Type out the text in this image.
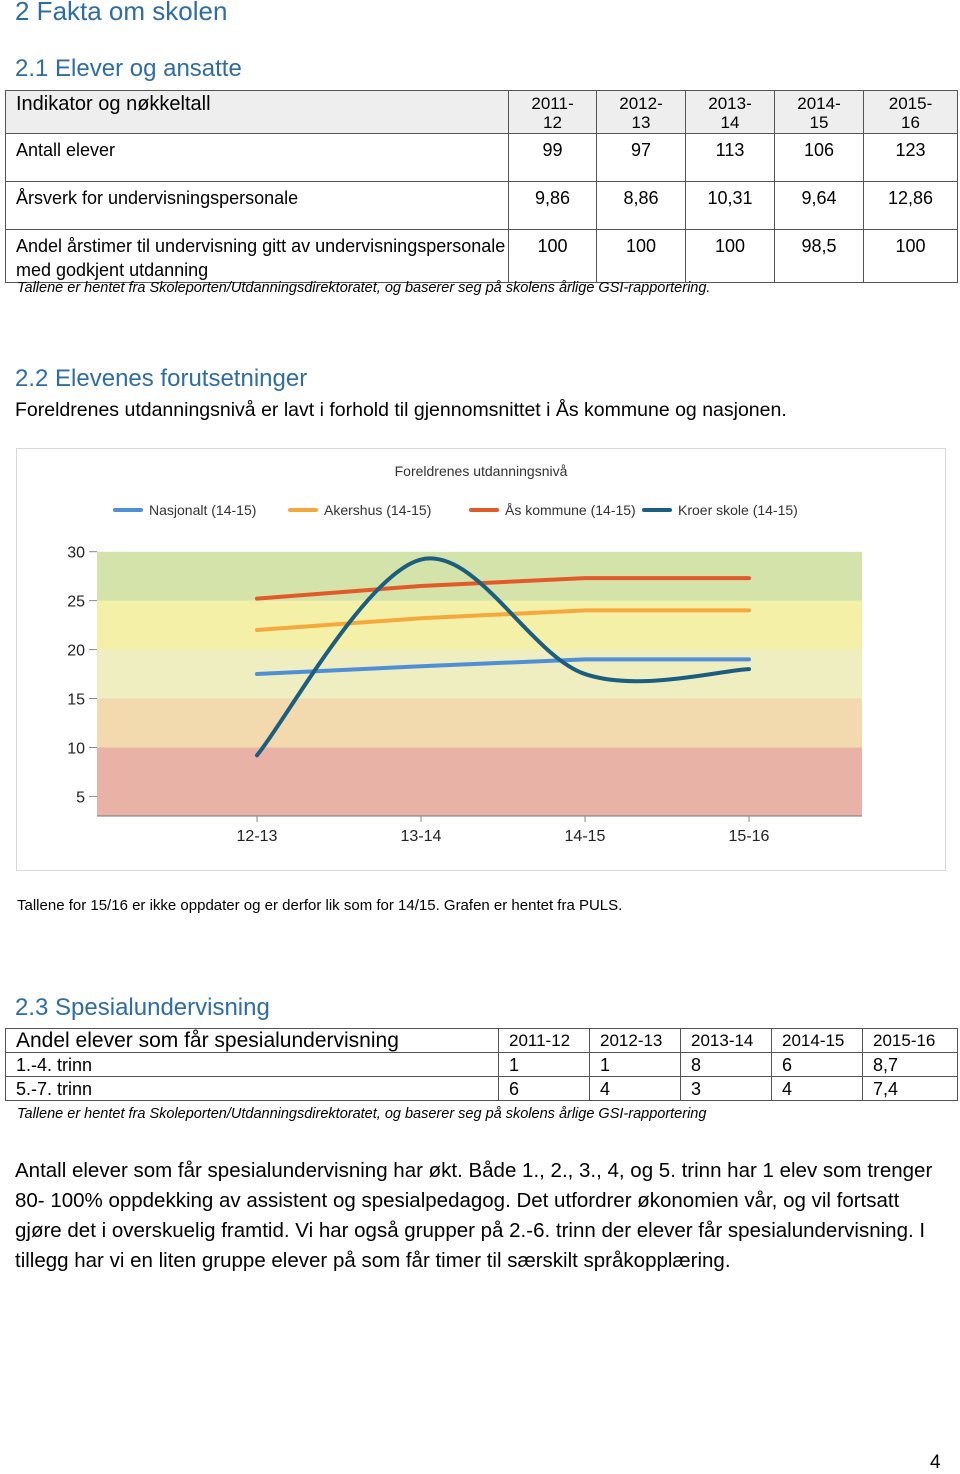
2 Fakta om skolen
2.1 Elever og ansatte
Indikator og nøkkeltall	2011-12	2012-13	2013-14	2014-15	2015-16

Antall elever	99	97	113	106	123
Årsverk for undervisningspersonale	9,86	8,86	10,31	9,64	12,86
Andel årstimer til undervisning gitt av undervisningspersonale med godkjent utdanning	100	100	100	98,5	100
Tallene er hentet fra Skoleporten/Utdanningsdirektoratet, og baserer seg på skolens årlige GSI-rapportering.
2.2 Elevenes forutsetninger

Foreldrenes utdanningsnivå er lavt i forhold til gjennomsnittet i Ås kommune og nasjonen.

Foreldrenes utdanningsnivå
Nasjonalt (14-15)	Akershus (14-15)	Ås kommune (14-15)	Kroer skole (14-15)
30
25
20
15
10
5
12-13	13-14	14-15	15-16
Tallene for 15/16 er ikke oppdater og er derfor lik som for 14/15. Grafen er hentet fra PULS.
2.3 Spesialundervisning
Andel elever som får spesialundervisning	2011-12	2012-13	2013-14	2014-15	2015-16
1.-4. trinn	1	1	8	6	8,7
5.-7. trinn	6	4	3	4	7,4
Tallene er hentet fra Skoleporten/Utdanningsdirektoratet, og baserer seg på skolens årlige GSI-rapportering

Antall elever som får spesialundervisning har økt. Både 1., 2., 3., 4, og 5. trinn har 1 elev som trenger 80- 100% oppdekking av assistent og spesialpedagog. Det utfordrer økonomien vår, og vil fortsatt gjøre det i overskuelig framtid. Vi har også grupper på 2.-6. trinn der elever får spesialundervisning. I tillegg har vi en liten gruppe elever på som får timer til særskilt språkopplæring.

4
